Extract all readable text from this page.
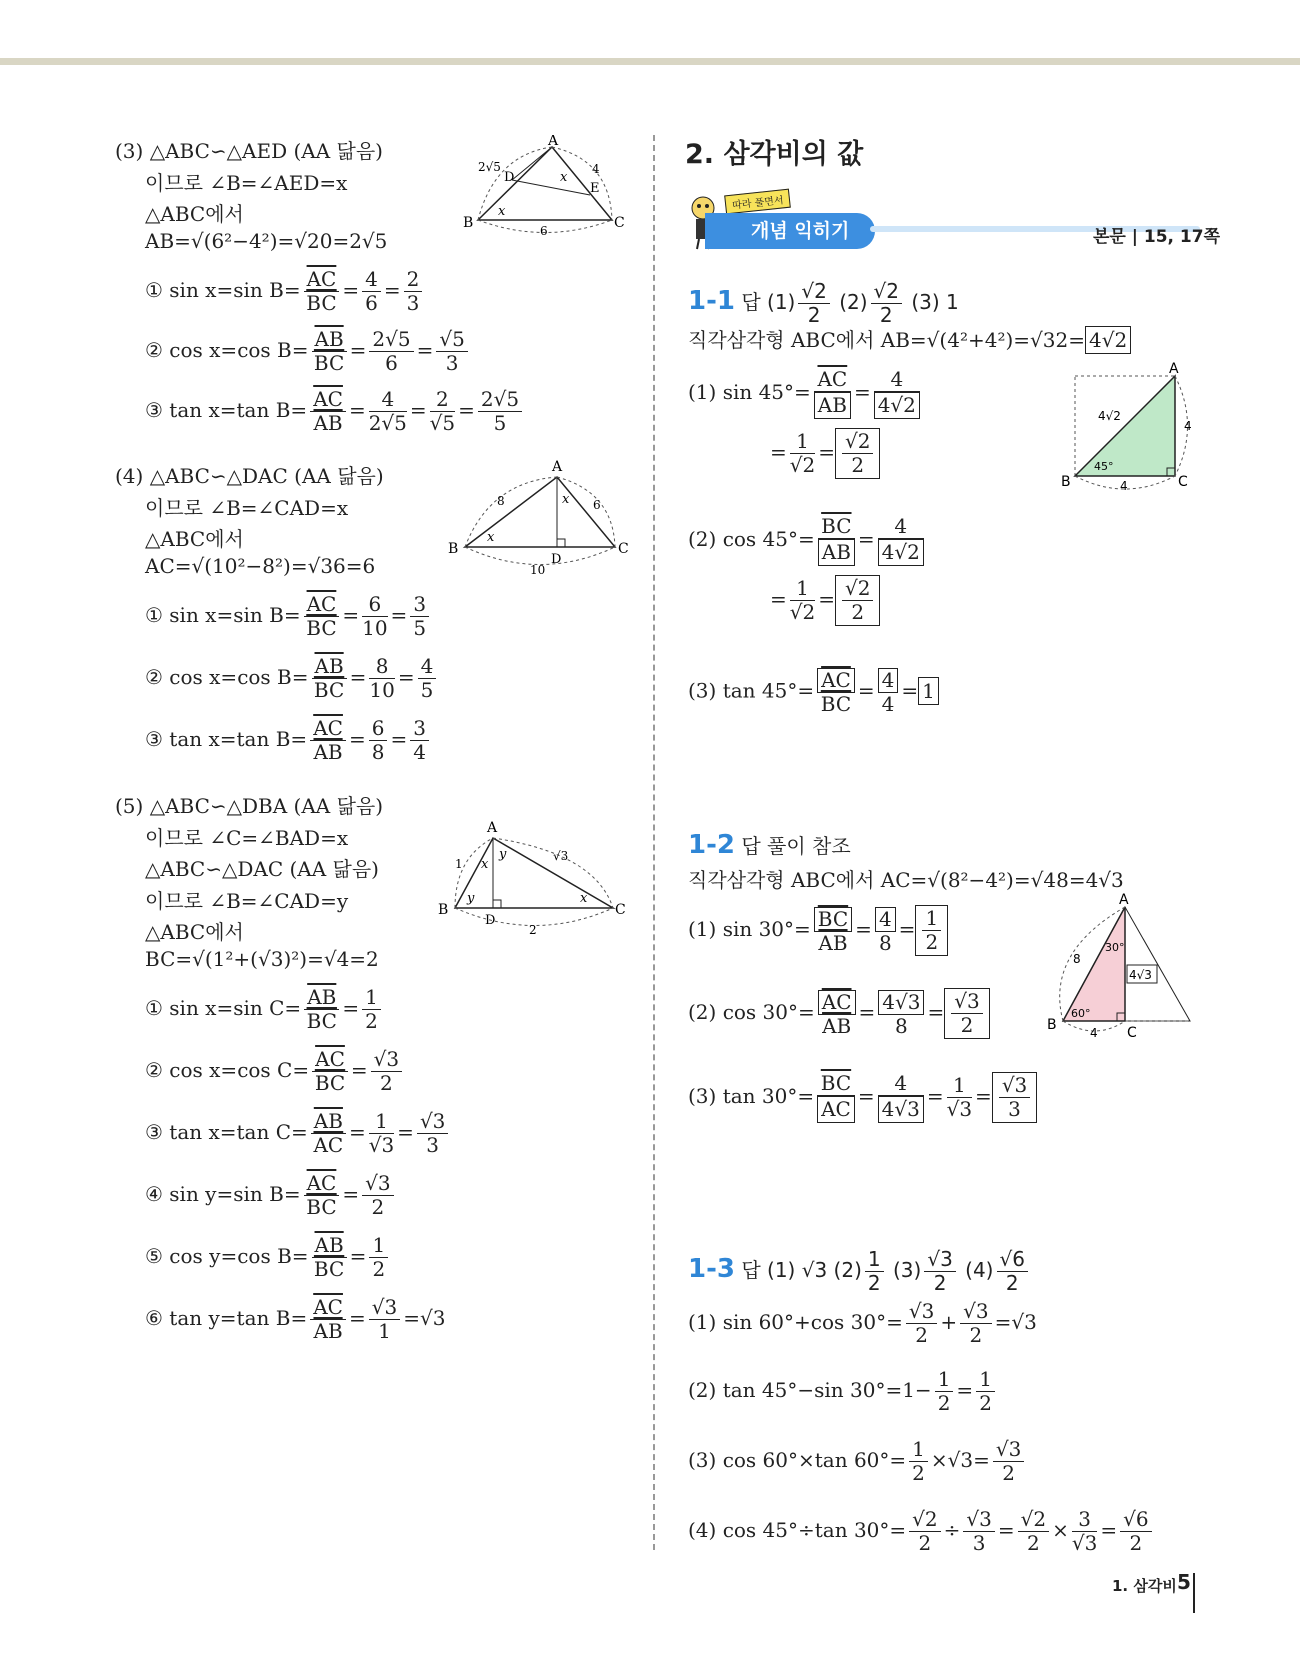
(3) △ABC∽△AED (AA 닮음)
이므로 ∠B=∠AED=x
△ABC에서
AB=√(6²−4²)=√20=2√5
① sin x=sin $B= \frac{\overline{AC}}{BC} = \frac{4}{6} = \frac{2}{3}$
② cos x=cos $B= \frac{\overline{AB}}{BC} = \frac{2√5}{6} = \frac{√5}{3}$
③ tan x=tan $B= \frac{\overline{AC}}{AB} = \frac{4}{2√5} = \frac{2}{√5} = \frac{2√5}{5}$
A
B	C
D
E
2√5	4
6
x
x
(4) △ABC∽△DAC (AA 닮음)
이므로 ∠B=∠CAD=x
△ABC에서
AC=√(10²−8²)=√36=6
① sin x=sin $B= \frac{\overline{AC}}{BC} = \frac{6}{10} = \frac{3}{5}$
② cos x=cos $B= \frac{\overline{AB}}{BC} = \frac{8}{10} = \frac{4}{5}$
③ tan x=tan $B= \frac{\overline{AC}}{AB} = \frac{6}{8} = \frac{3}{4}$
A
B	C
D
8	6
10
x
x
(5) △ABC∽△DBA (AA 닮음)
이므로 ∠C=∠BAD=x
△ABC∽△DAC (AA 닮음)
이므로 ∠B=∠CAD=y
△ABC에서
BC=√(1²+(√3)²)=√4=2
① sin x=sin $C= \frac{\overline{AB}}{BC} = \frac{1}{2}$
② cos x=cos $C= \frac{\overline{AC}}{BC} = \frac{√3}{2}$
③ tan x=tan $C= \frac{\overline{AB}}{AC} = \frac{1}{√3} = \frac{√3}{3}$
④ sin y=sin $B= \frac{\overline{AC}}{BC} = \frac{√3}{2}$
⑤ cos y=cos $B= \frac{\overline{AB}}{BC} = \frac{1}{2}$
⑥ tan y=tan $B= \frac{\overline{AC}}{AB} = \frac{√3}{1} =√3$
A
B	C
D
1
√3
2
x
y
y	x
2. 삼각비의 값
따라 풀면서
개념 익히기	본문 | 15, 17쪽
1-1 답 $(1) \frac{√2}{2} (2) \frac{√2}{2} (3)$ 1
직각삼각형 ABC에서 AB=√(4²+4²)=√32= 4√2
(1) $\sin 45^\circ= \frac{\overline{AC}}{AB} = \frac{4}{4√2}$
= $\frac{1}{√2} = \frac{√2}{2}$
(2) $\cos 45^\circ= \frac{\overline{BC}}{AB} = \frac{4}{4√2}$
= $\frac{1}{√2} = \frac{√2}{2}$
(3) $\tan 45^\circ= \frac{\overline{AC}}{BC} = \frac{4}{4} = 1$
A
B	C
4√2
4
4
45°
1-2 답 풀이 참조
직각삼각형 ABC에서 AC=√(8²−4²)=√48=4√3
(1) $\sin 30^\circ= \frac{\overline{BC}}{AB} = \frac{4}{8} = \frac{1}{2}$
(2) $\cos 30^\circ= \frac{\overline{AC}}{AB} = \frac{4√3}{8} = \frac{√3}{2}$
(3) $\tan 30^\circ= \frac{\overline{BC}}{AC} = \frac{4}{4√3} = \frac{1}{√3} = \frac{√3}{3}$
A
B	C
8
4√3
4
30°
60°
1-3 답 (1) √3 $(2) \frac{1}{2} (3) \frac{√3}{2} (4) \frac{√6}{2}$
(1) sin 60°+cos $30^\circ= \frac{√3}{2} + \frac{√3}{2} =√3$
(2) tan 45°−sin $30^\circ=1- \frac{1}{2} = \frac{1}{2}$
(3) cos 60°×tan $60^\circ= \frac{1}{2} \times√3= \frac{√3}{2}$
(4) cos 45°÷tan $30^\circ= \frac{√2}{2} \div \frac{√3}{3} = \frac{√2}{2} \times \frac{3}{√3} = \frac{√6}{2}$
1. 삼각비 5
